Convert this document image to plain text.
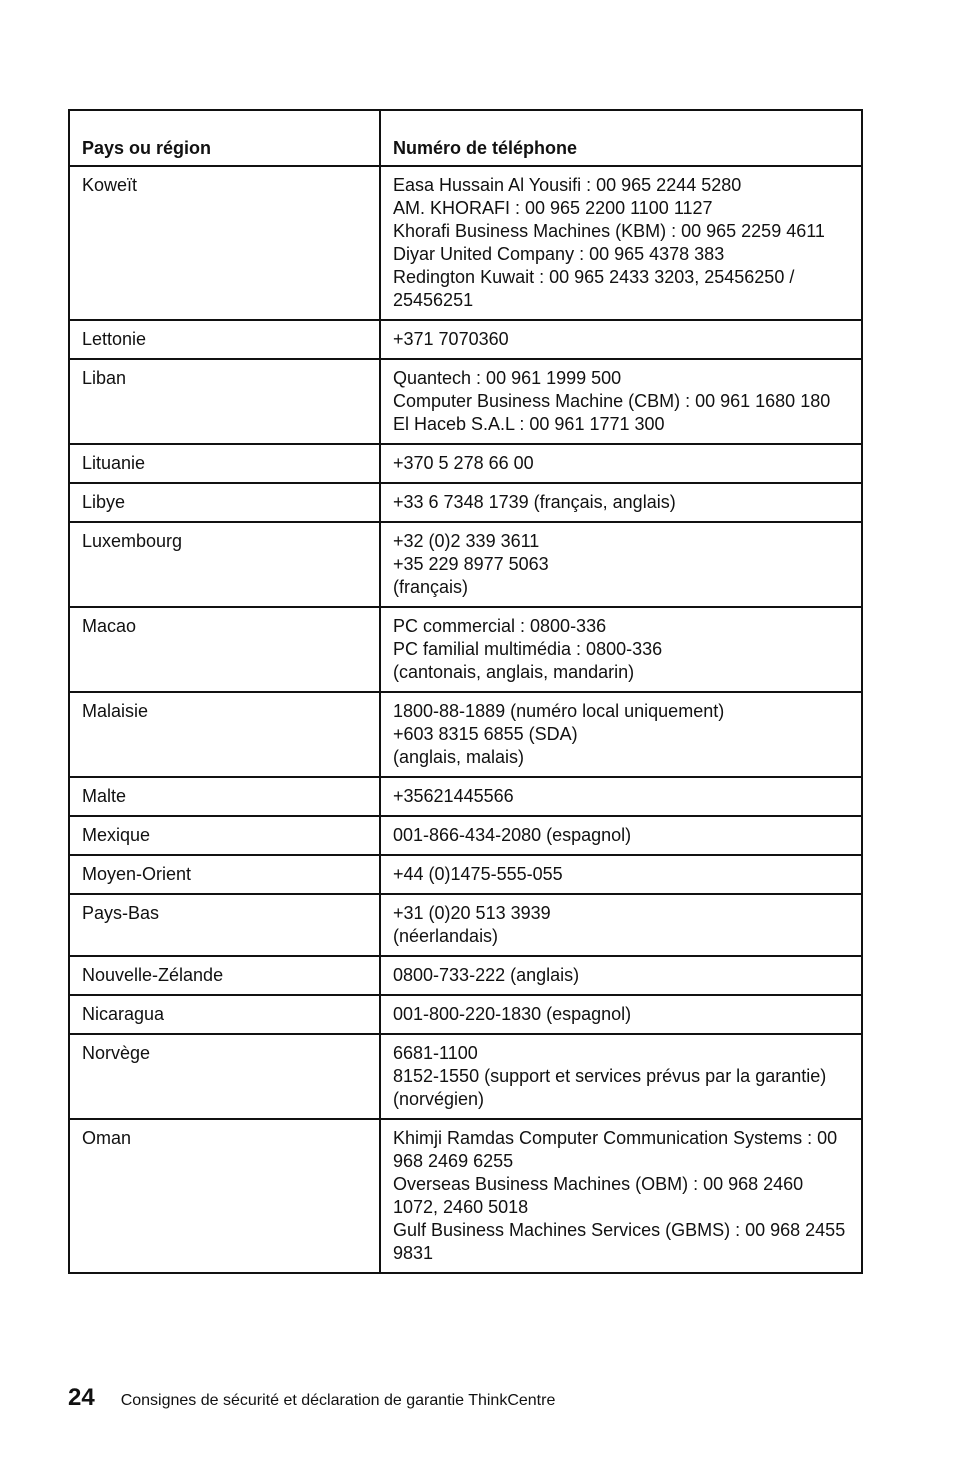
Pays ou région	Numéro de téléphone
Koweït	Easa Hussain Al Yousifi : 00 965 2244 5280
AM. KHORAFI : 00 965 2200 1100 1127
Khorafi Business Machines (KBM) : 00 965 2259 4611
Diyar United Company : 00 965 4378 383
Redington Kuwait : 00 965 2433 3203, 25456250 / 25456251

Lettonie	+371 7070360

Liban	Quantech : 00 961 1999 500
Computer Business Machine (CBM) : 00 961 1680 180
El Haceb S.A.L : 00 961 1771 300

Lituanie	+370 5 278 66 00

Libye	+33 6 7348 1739 (français, anglais)

Luxembourg	+32 (0)2 339 3611
+35 229 8977 5063
(français)

Macao	PC commercial : 0800-336
PC familial multimédia : 0800-336
(cantonais, anglais, mandarin)

Malaisie	1800-88-1889 (numéro local uniquement)
+603 8315 6855 (SDA)
(anglais, malais)

Malte	+35621445566

Mexique	001-866-434-2080 (espagnol)

Moyen-Orient	+44 (0)1475-555-055

Pays-Bas	+31 (0)20 513 3939
(néerlandais)

Nouvelle-Zélande	0800-733-222 (anglais)

Nicaragua	001-800-220-1830 (espagnol)

Norvège	6681-1100
8152-1550 (support et services prévus par la garantie)
(norvégien)

Oman	Khimji Ramdas Computer Communication Systems : 00 968 2469 6255
Overseas Business Machines (OBM) : 00 968 2460 1072, 2460 5018
Gulf Business Machines Services (GBMS) : 00 968 2455 9831
24 Consignes de sécurité et déclaration de garantie ThinkCentre
